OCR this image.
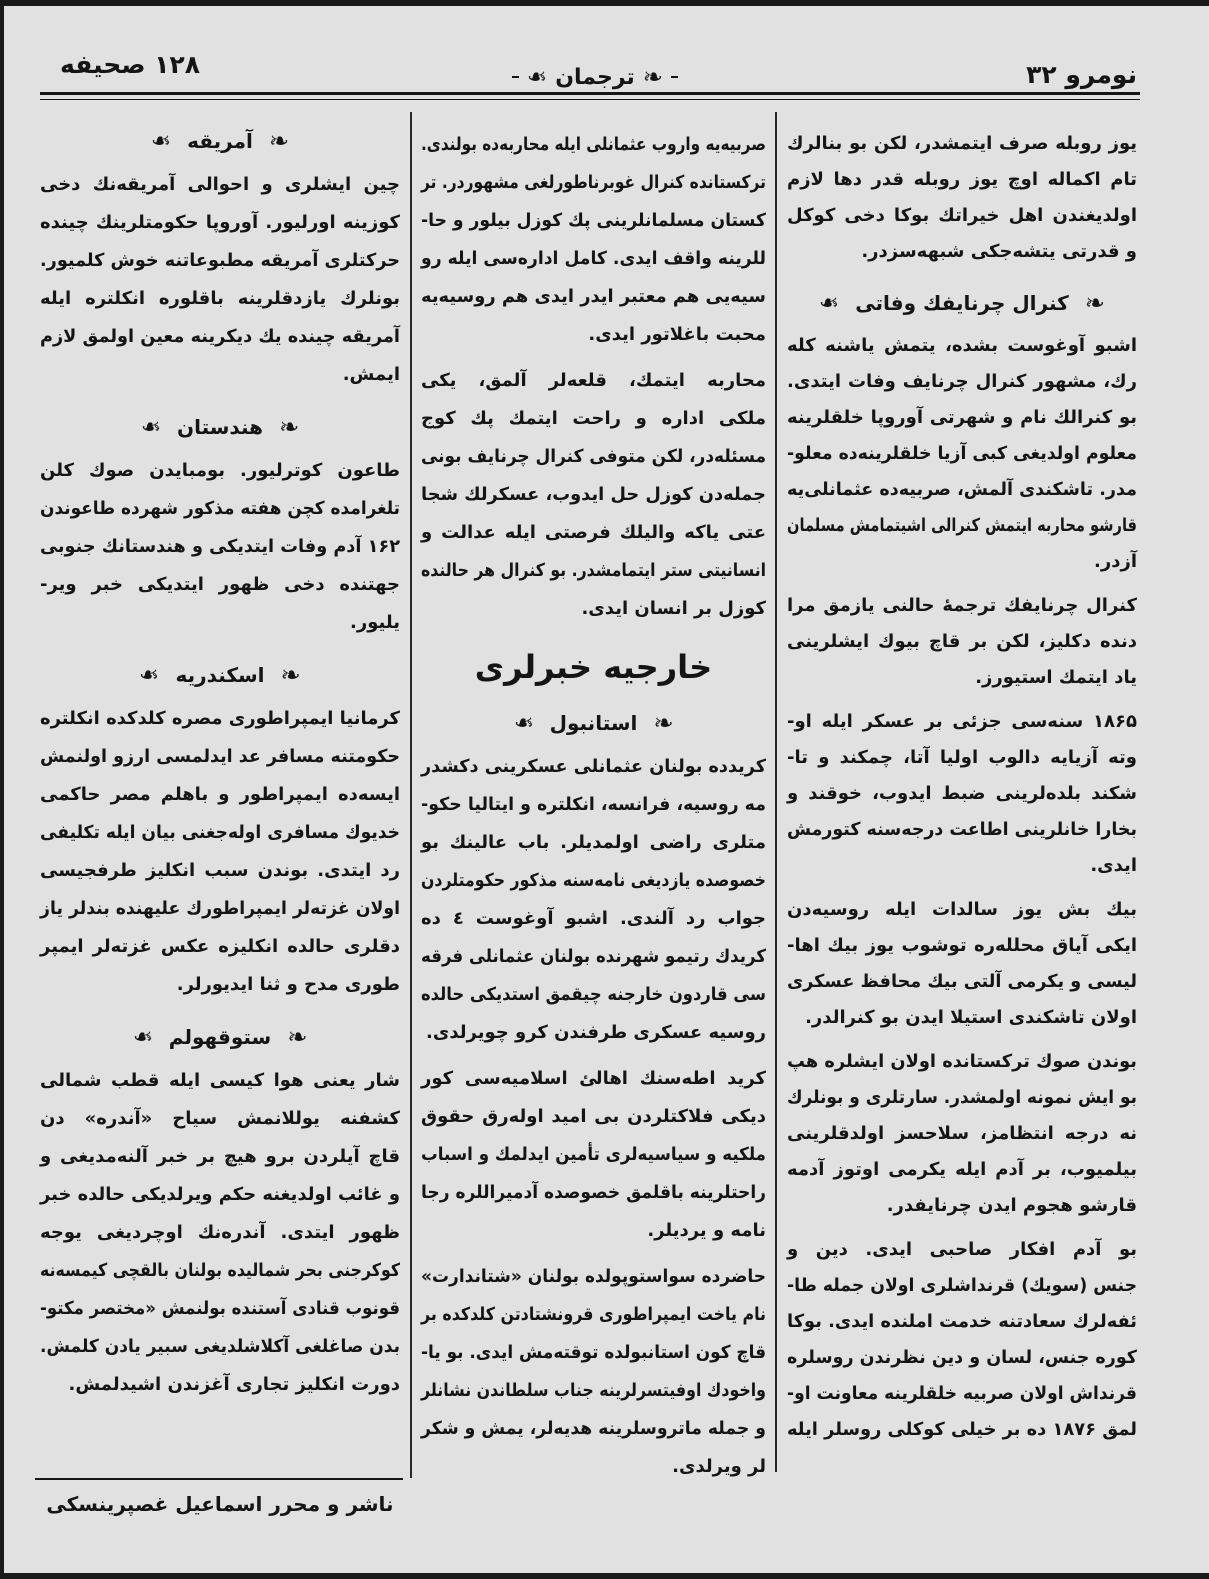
نومرو ۳۲
❧
ترجمان
❧
۱۲۸ صحیفه
یوز روبله صرف ایتمشدر، لکن بو بنالرك
تام اکماله اوچ یوز روبله قدر دها لازم
اولدیغندن اهل خیراتك بوکا دخی کوکل
و قدرتی یتشه‌جکی شبهه‌سزدر.
❧
کنرال چرنایفك وفاتی
❧
اشبو آوغوست بشده، یتمش یاشنه کله
رك، مشهور کنرال چرنایف وفات ایتدی.
بو کنرالك نام و شهرتی آوروپا خلقلرینه
معلوم اولدیغی کبی آزیا خلقلرینه‌ده معلو-
مدر. تاشکندی آلمش، صربیه‌ده عثمانلی‌یه
قارشو محاربه ایتمش کنرالی اشیتمامش مسلمان
آزدر.
کنرال چرنایفك ترجمهٔ حالنی یازمق مرا
دنده دکلیز، لکن بر قاچ بیوك ایشلرینی
یاد ایتمك استیورز.
۱۸۶۵ سنه‌سی جزئی بر عسکر ایله او-
وته آزیایه دالوب اولیا آتا، چمکند و تا-
شکند بلده‌لرینی ضبط ایدوب، خوقند و
بخارا خانلرینی اطاعت درجه‌سنه کتورمش
ایدی.
بیك بش یوز سالدات ایله روسیه‌دن
ایکی آیاق محلله‌ره توشوب یوز بیك اها-
لیسی و یکرمی آلتی بیك محافظ عسکری
اولان تاشکندی استیلا ایدن بو کنرالدر.
بوندن صوك ترکستانده اولان ایشلره هپ
بو ایش نمونه اولمشدر. سارتلری و بونلرك
نه درجه انتظامز، سلاحسز اولدقلرینی
بیلمیوب، بر آدم ایله یکرمی اوتوز آدمه
قارشو هجوم ایدن چرنایفدر.
بو آدم افکار صاحبی ایدی. دین و
جنس (سویك) قرنداشلری اولان جمله طا-
ئفه‌لرك سعادتنه خدمت املنده ایدی. بوکا
کوره جنس، لسان و دین نظرندن روسلره
قرنداش اولان صربیه خلقلرینه معاونت او-
لمق ۱۸۷۶ ده بر خیلی کوکلی روسلر ایله
صربیه‌یه واروب عثمانلی ایله محاربه‌ده بولندی.
ترکستانده کنرال غوبرناطورلغی مشهوردر. تر
کستان مسلمانلرینی پك کوزل بیلور و حا-
للرینه واقف ایدی. کامل اداره‌سی ایله رو
سیه‌یی هم معتبر ایدر ایدی هم روسیه‌یه
محبت باغلاتور ایدی.
محاربه ایتمك، قلعه‌لر آلمق، یکی
ملکی اداره و راحت ایتمك پك کوج
مسئله‌در، لکن متوفی کنرال چرنایف بونی
جمله‌دن کوزل حل ایدوب، عسکرلك شجا
عتی یاکه والیلك فرصتی ایله عدالت و
انسانیتی ستر ایتمامشدر. بو کنرال هر حالنده
کوزل بر انسان ایدی.
خارجیه خبرلری
❧
استانبول
❧
کریدده بولنان عثمانلی عسکرینی دکشدر
مه روسیه، فرانسه، انکلتره و ایتالیا حکو-
متلری راضی اولمدیلر. باب عالینك بو
خصوصده یازدیغی نامه‌سنه مذکور حکومتلردن
جواب رد آلندی. اشبو آوغوست ٤ ده
کریدك رتیمو شهرنده بولنان عثمانلی فرقه
سی قاردون خارجنه چیقمق استدیکی حالده
روسیه عسکری طرفندن کرو چویرلدی.
کرید اطه‌سنك اهالئ اسلامیه‌سی کور
دیکی فلاکتلردن بی امید اوله‌رق حقوق
ملکیه و سیاسیه‌لری تأمین ایدلمك و اسباب
راحتلرینه باقلمق خصوصده آدمیراللره رجا
نامه و یردیلر.
حاضرده سواستوپولده بولنان «شتاندارت»
نام یاخت ایمپراطوری قرونشتادتن کلدکده بر
قاچ کون استانبولده توقته‌مش ایدی. بو یا-
واخودك اوفیتسرلرینه جناب سلطاندن نشانلر
و جمله ماتروسلرینه هدیه‌لر، یمش و شکر
لر ویرلدی.
❧
آمریقه
❧
چین ایشلری و احوالی آمریقه‌نك دخی
کوزینه اورلیور. آوروپا حکومتلرینك چینده
حرکتلری آمریقه مطبوعاتنه خوش کلمیور.
بونلرك یازدقلرینه باقلوره انکلتره ایله
آمریقه چینده یك دیکرینه معین اولمق لازم
ایمش.
❧
هندستان
❧
طاعون کوترلیور. بومبایدن صوك کلن
تلغرامده کچن هفته مذکور شهرده طاعوندن
۱۶۲ آدم وفات ایتدیکی و هندستانك جنوبی
جهتنده دخی ظهور ایتدیکی خبر ویر-
یلیور.
❧
اسکندریه
❧
کرمانیا ایمپراطوری مصره کلدکده انکلتره
حکومتنه مسافر عد ایدلمسی ارزو اولنمش
ایسه‌ده ایمپراطور و باهلم مصر حاکمی
خدیوك مسافری اوله‌جغنی بیان ایله تکلیفی
رد ایتدی. بوندن سبب انکلیز طرفجیسی
اولان غزته‌لر ایمپراطورك علیهنده بندلر یاز
دقلری حالده انکلیزه عکس غزته‌لر ایمپر
طوری مدح و ثنا ایدیورلر.
❧
ستوقهولم
❧
شار یعنی هوا کیسی ایله قطب شمالی
کشفنه یوللانمش سیاح «آندره» دن
قاچ آیلردن برو هیچ بر خبر آلنه‌مدیغی و
و غائب اولدیغنه حکم ویرلدیکی حالده خبر
ظهور ایتدی. آندره‌نك اوچردیغی یوجه
کوکرجنی بحر شمالیده بولنان بالقچی کیمسه‌نه
قونوب قنادی آستنده بولنمش «مختصر مکتو-
بدن صاغلغی آکلاشلدیغی سبیر یادن کلمش.
دورت انکلیز تجاری آغزندن اشیدلمش.
ناشر و محرر اسماعیل غصپرینسکی
